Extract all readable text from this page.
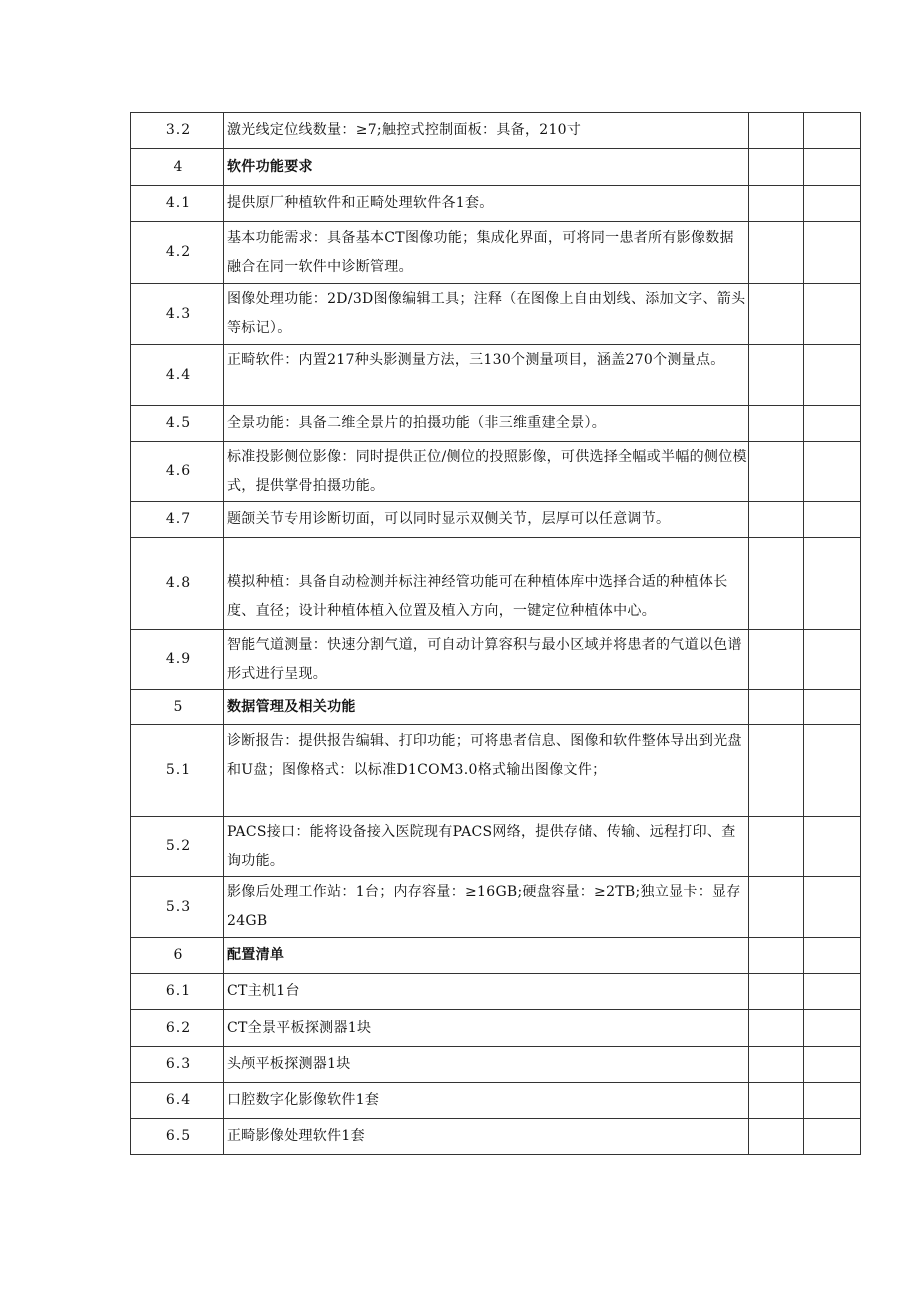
3.2	激光线定位线数量：≥7;触控式控制面板：具备，210寸		
4	软件功能要求		
4.1	提供原厂种植软件和正畸处理软件各1套。		
4.2	基本功能需求：具备基本CT图像功能；集成化界面，可将同一患者所有影像数据融合在同一软件中诊断管理。		
4.3	图像处理功能：2D/3D图像编辑工具；注释（在图像上自由划线、添加文字、箭头等标记）。		
4.4	正畸软件：内置217种头影测量方法，三130个测量项目，涵盖270个测量点。		
4.5	全景功能：具备二维全景片的拍摄功能（非三维重建全景）。		
4.6	标准投影侧位影像：同时提供正位/侧位的投照影像，可供选择全幅或半幅的侧位模式，提供掌骨拍摄功能。		
4.7	题颌关节专用诊断切面，可以同时显示双侧关节，层厚可以任意调节。		
4.8	模拟种植：具备自动检测并标注神经管功能可在种植体库中选择合适的种植体长度、直径；设计种植体植入位置及植入方向，一键定位种植体中心。		
4.9	智能气道测量：快速分割气道，可自动计算容积与最小区域并将患者的气道以色谱形式进行呈现。		
5	数据管理及相关功能		
5.1	诊断报告：提供报告编辑、打印功能；可将患者信息、图像和软件整体导出到光盘和U盘；图像格式：以标准D1COM3.0格式输出图像文件；		
5.2	PACS接口：能将设备接入医院现有PACS网络，提供存储、传输、远程打印、查询功能。		
5.3	影像后处理工作站：1台；内存容量：≥16GB;硬盘容量：≥2TB;独立显卡：显存24GB		
6	配置清单		
6.1	CT主机1台		
6.2	CT全景平板探测器1块		
6.3	头颅平板探测器1块		
6.4	口腔数字化影像软件1套		
6.5	正畸影像处理软件1套		
